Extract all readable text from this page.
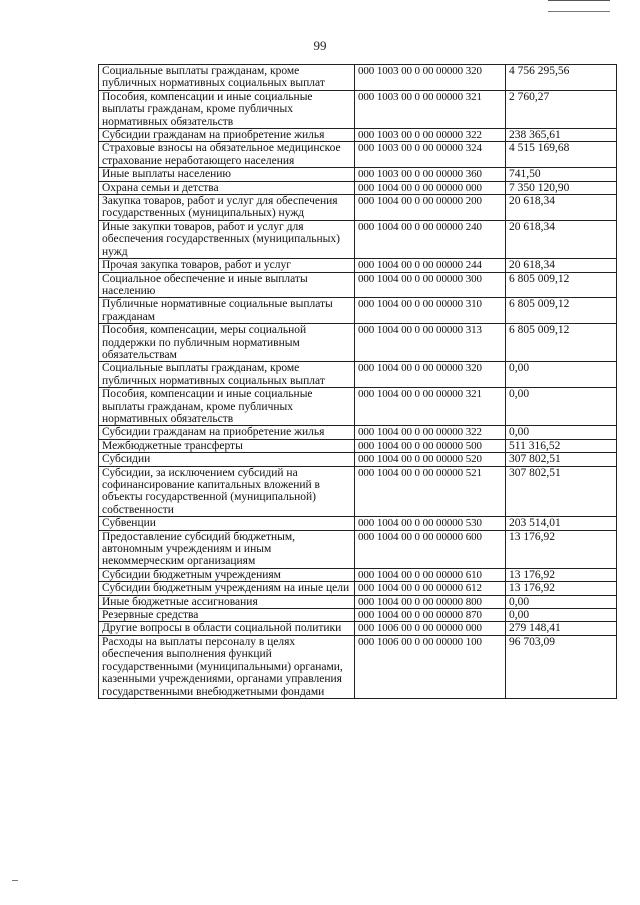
99
Социальные выплаты гражданам, кроме публичных нормативных социальных выплат	000 1003 00 0 00 00000 320	4 756 295,56
Пособия, компенсации и иные социальные выплаты гражданам, кроме публичных нормативных обязательств	000 1003 00 0 00 00000 321	2 760,27
Субсидии гражданам на приобретение жилья	000 1003 00 0 00 00000 322	238 365,61
Страховые взносы на обязательное медицинское страхование неработающего населения	000 1003 00 0 00 00000 324	4 515 169,68
Иные выплаты населению	000 1003 00 0 00 00000 360	741,50
Охрана семьи и детства	000 1004 00 0 00 00000 000	7 350 120,90
Закупка товаров, работ и услуг для обеспечения государственных (муниципальных) нужд	000 1004 00 0 00 00000 200	20 618,34
Иные закупки товаров, работ и услуг для обеспечения государственных (муниципальных) нужд	000 1004 00 0 00 00000 240	20 618,34
Прочая закупка товаров, работ и услуг	000 1004 00 0 00 00000 244	20 618,34
Социальное обеспечение и иные выплаты населению	000 1004 00 0 00 00000 300	6 805 009,12
Публичные нормативные социальные выплаты гражданам	000 1004 00 0 00 00000 310	6 805 009,12
Пособия, компенсации, меры социальной поддержки по публичным нормативным обязательствам	000 1004 00 0 00 00000 313	6 805 009,12
Социальные выплаты гражданам, кроме публичных нормативных социальных выплат	000 1004 00 0 00 00000 320	0,00
Пособия, компенсации и иные социальные выплаты гражданам, кроме публичных нормативных обязательств	000 1004 00 0 00 00000 321	0,00
Субсидии гражданам на приобретение жилья	000 1004 00 0 00 00000 322	0,00
Межбюджетные трансферты	000 1004 00 0 00 00000 500	511 316,52
Субсидии	000 1004 00 0 00 00000 520	307 802,51
Субсидии, за исключением субсидий на софинансирование капитальных вложений в объекты государственной (муниципальной) собственности	000 1004 00 0 00 00000 521	307 802,51
Субвенции	000 1004 00 0 00 00000 530	203 514,01
Предоставление субсидий бюджетным, автономным учреждениям и иным некоммерческим организациям	000 1004 00 0 00 00000 600	13 176,92
Субсидии бюджетным учреждениям	000 1004 00 0 00 00000 610	13 176,92
Субсидии бюджетным учреждениям на иные цели	000 1004 00 0 00 00000 612	13 176,92
Иные бюджетные ассигнования	000 1004 00 0 00 00000 800	0,00
Резервные средства	000 1004 00 0 00 00000 870	0,00
Другие вопросы в области социальной политики	000 1006 00 0 00 00000 000	279 148,41
Расходы на выплаты персоналу в целях обеспечения выполнения функций государственными (муниципальными) органами, казенными учреждениями, органами управления государственными внебюджетными фондами	000 1006 00 0 00 00000 100	96 703,09
